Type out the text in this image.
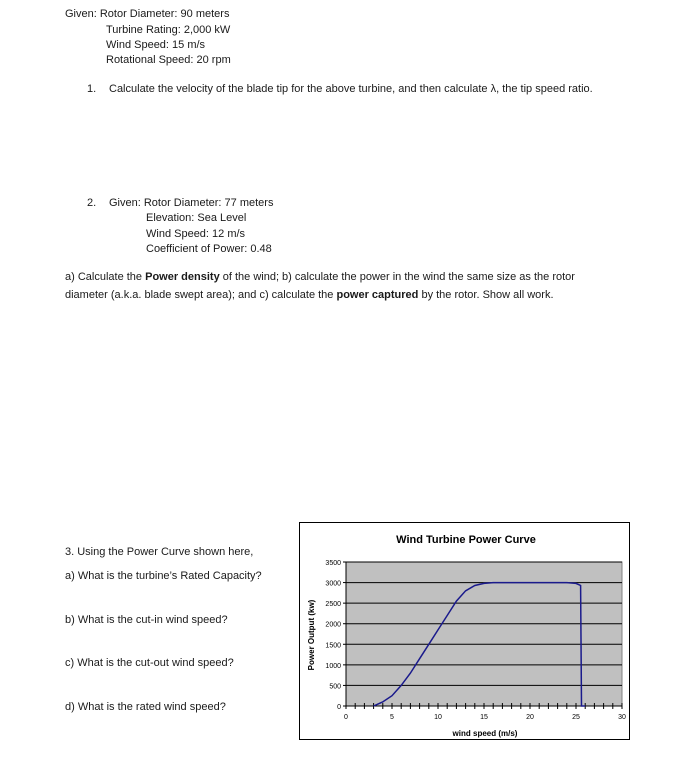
Given: Rotor Diameter: 90 meters
Turbine Rating: 2,000 kW
Wind Speed: 15 m/s
Rotational Speed: 20 rpm
1. Calculate the velocity of the blade tip for the above turbine, and then calculate λ, the tip speed ratio.
2. Given: Rotor Diameter: 77 meters
Elevation: Sea Level
Wind Speed: 12 m/s
Coefficient of Power: 0.48
a) Calculate the Power density of the wind; b) calculate the power in the wind the same size as the rotor
diameter (a.k.a. blade swept area); and c) calculate the power captured by the rotor. Show all work.
3. Using the Power Curve shown here,
a) What is the turbine’s Rated Capacity?
b) What is the cut-in wind speed?
c) What is the cut-out wind speed?
d) What is the rated wind speed?	0
500
1000
1500
2000
2500
3000
3500
0	5	10	15	20	25	30
Wind Turbine Power Curve
Power Output (kw)
wind speed (m/s)
